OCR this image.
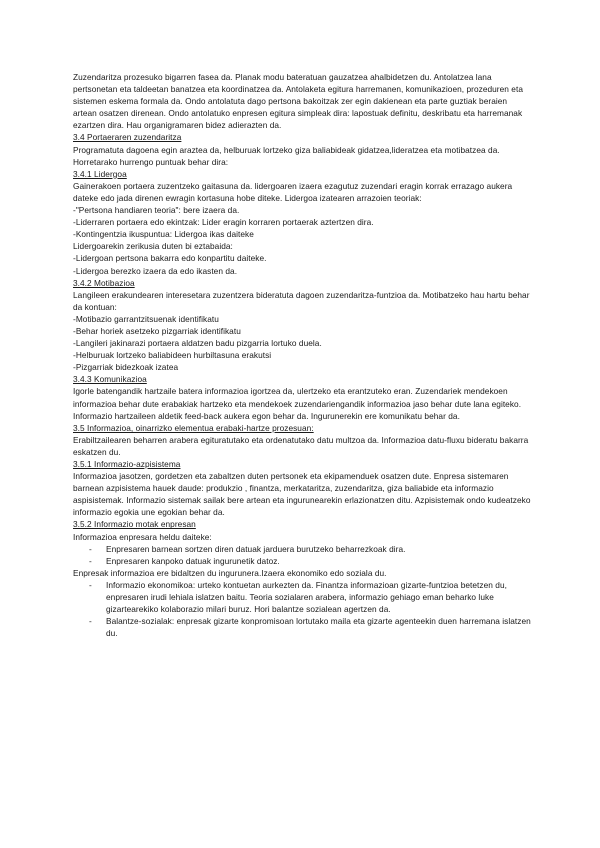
Zuzendaritza prozesuko bigarren fasea da. Planak modu bateratuan gauzatzea ahalbidetzen du. Antolatzea lana pertsonetan eta taldeetan banatzea eta koordinatzea da. Antolaketa egitura harremanen, komunikazioen, prozeduren eta sistemen eskema formala da. Ondo antolatuta dago pertsona bakoitzak zer egin dakienean eta parte guztiak beraien artean osatzen direnean. Ondo antolatuko enpresen egitura simpleak dira: lapostuak definitu, deskribatu eta harremanak ezartzen dira. Hau organigramaren bidez adierazten da.

3.4 Portaeraren zuzendaritza

Programatuta dagoena egin arazteа da, helburuak lortzeko giza baliabideak gidatzea,lideratzea eta motibatzea da. Horretarako hurrengo puntuak behar dira:

3.4.1 Lidergoa

Gainerakoen portaera zuzentzeko gaitasuna da. lidergoaren izaera ezagutuz zuzendari eragin korrak errazago aukera dateke edo jada direnen ewragin kortasuna hobe diteke. Lidergoa izatearen arrazoien teoriak:

-"Pertsona handiaren teoria": bere izaera da.

-Liderraren portaera edo ekintzak: Lider eragin korraren portaerak aztertzen dira.

-Kontingentzia ikuspuntua: Lidergoa ikas daiteke

Lidergoarekin zerikusia duten bi eztabaida:

-Lidergoan pertsona bakarra edo konpartitu daiteke.

-Lidergoa berezko izaera da edo ikasten da.

3.4.2 Motibazioa

Langileen erakundearen interesetara zuzentzera bideratuta dagoen zuzendaritza-funtzioa da. Motibatzeko hau hartu behar da kontuan:

-Motibazio garrantzitsuenak identifikatu

-Behar horiek asetzeko pizgarriak identifikatu

-Langileri jakinarazi portaera aldatzen badu pizgarria lortuko duela.

-Helburuak lortzeko baliabideen hurbiltasuna erakutsi

-Pizgarriak bidezkoak izatea

3.4.3 Komunikazioa

Igorle batengandik hartzaile batera informazioa igortzea da, ulertzeko eta erantzuteko eran. Zuzendariek mendekoen informazioa behar dute erabakiak hartzeko eta mendekoek zuzendariengandik informazioa jaso behar dute lana egiteko. Informazio hartzaileen aldetik feed-back aukera egon behar da. Ingurunerekin ere komunikatu behar da.

3.5 Informazioa, oinarrizko elementua erabaki-hartze prozesuan:

Erabiltzailearen beharren arabera egituratutako eta ordenatutako datu multzoa da. Informazioa datu-fluxu bideratu bakarra eskatzen du.

3.5.1 Informazio-azpisistema

Informazioa jasotzen, gordetzen eta zabaltzen duten pertsonek eta ekipamenduek osatzen dute. Enpresa sistemaren barnean azpisistema hauek daude: produkzio , finantza, merkataritza, zuzendaritza, giza baliabide eta informazio aspisistemak. Informazio sistemak sailak bere artean eta ingurunearekin erlazionatzen ditu. Azpisistemak ondo kudeatzeko informazio egokia une egokian behar da.

3.5.2 Informazio motak enpresan

Informazioa enpresara heldu daiteke:

-	Enpresaren barnean sortzen diren datuak jarduera burutzeko beharrezkoak dira.
-	Enpresaren kanpoko datuak ingurunetik datoz.

Enpresak informazioa ere bidaltzen du ingurunera.Izaera ekonomiko edo soziala du.

-	Informazio ekonomikoa: urteko kontuetan aurkezten da. Finantza informazioan gizarte-funtzioa betetzen du, enpresaren irudi lehiala islatzen baitu. Teoria sozialaren arabera, informazio gehiago eman beharko luke gizartearekiko kolaborazio milari buruz. Hori balantze sozialean agertzen da.
-	Balantze-sozialak: enpresak gizarte konpromisoan lortutako maila eta gizarte agenteekin duen harremana islatzen du.
